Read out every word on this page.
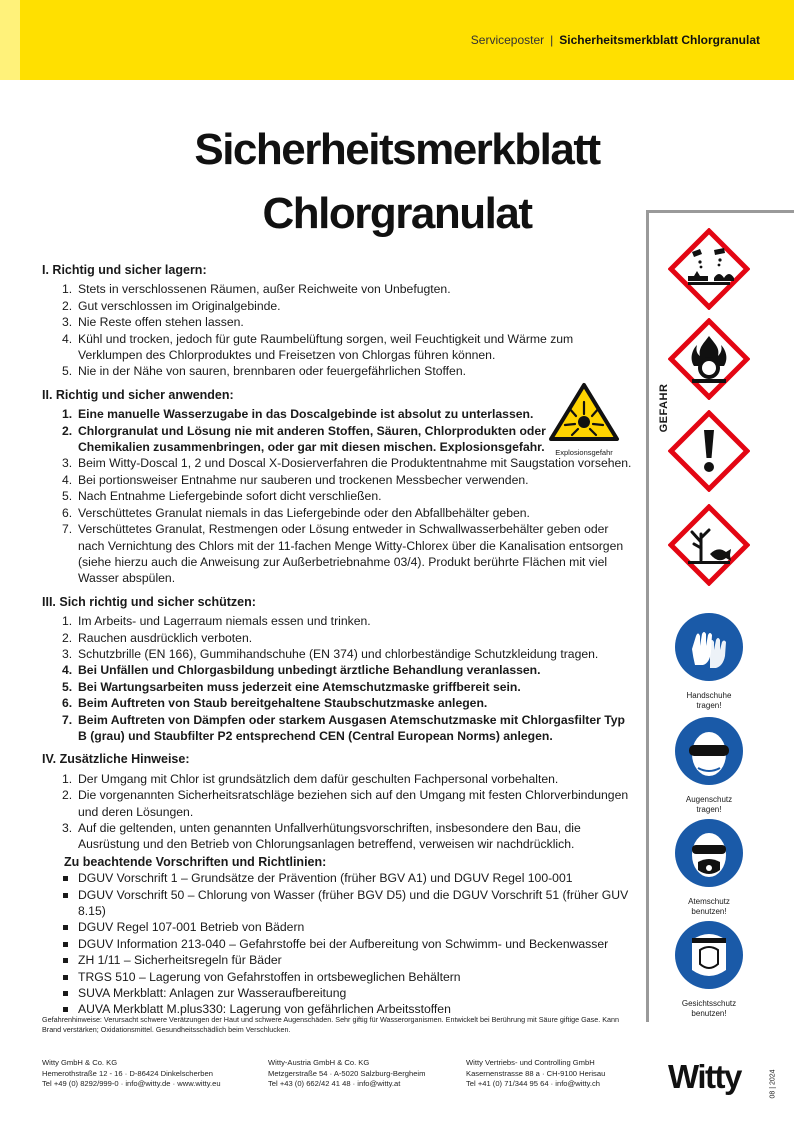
Serviceposter | Sicherheitsmerkblatt Chlorgranulat
Sicherheitsmerkblatt
Chlorgranulat
I. Richtig und sicher lagern:
1. Stets in verschlossenen Räumen, außer Reichweite von Unbefugten.
2. Gut verschlossen im Originalgebinde.
3. Nie Reste offen stehen lassen.
4. Kühl und trocken, jedoch für gute Raumbelüftung sorgen, weil Feuchtigkeit und Wärme zum Verklumpen des Chlorproduktes und Freisetzen von Chlorgas führen können.
5. Nie in der Nähe von sauren, brennbaren oder feuergefährlichen Stoffen.
II. Richtig und sicher anwenden:
1. Eine manuelle Wasserzugabe in das Doscalgebinde ist absolut zu unterlassen.
2. Chlorgranulat und Lösung nie mit anderen Stoffen, Säuren, Chlorprodukten oder Chemikalien zusammenbringen, oder gar mit diesen mischen. Explosionsgefahr.
3. Beim Witty-Doscal 1, 2 und Doscal X-Dosierverfahren die Produktentnahme mit Saugstation vorsehen.
4. Bei portionsweiser Entnahme nur sauberen und trockenen Messbecher verwenden.
5. Nach Entnahme Liefergebinde sofort dicht verschließen.
6. Verschüttetes Granulat niemals in das Liefergebinde oder den Abfallbehälter geben.
7. Verschüttetes Granulat, Restmengen oder Lösung entweder in Schwallwasserbehälter geben oder nach Vernichtung des Chlors mit der 11-fachen Menge Witty-Chlorex über die Kanalisation entsorgen (siehe hierzu auch die Anweisung zur Außerbetriebnahme 03/4). Produkt berührte Flächen mit viel Wasser abspülen.
III. Sich richtig und sicher schützen:
1. Im Arbeits- und Lagerraum niemals essen und trinken.
2. Rauchen ausdrücklich verboten.
3. Schutzbrille (EN 166), Gummihandschuhe (EN 374) und chlorbeständige Schutzkleidung tragen.
4. Bei Unfällen und Chlorgasbildung unbedingt ärztliche Behandlung veranlassen.
5. Bei Wartungsarbeiten muss jederzeit eine Atemschutzmaske griffbereit sein.
6. Beim Auftreten von Staub bereitgehaltene Staubschutzmaske anlegen.
7. Beim Auftreten von Dämpfen oder starkem Ausgasen Atemschutzmaske mit Chlorgasfilter Typ B (grau) und Staubfilter P2 entsprechend CEN (Central European Norms) anlegen.
IV. Zusätzliche Hinweise:
1. Der Umgang mit Chlor ist grundsätzlich dem dafür geschulten Fachpersonal vorbehalten.
2. Die vorgenannten Sicherheitsratschläge beziehen sich auf den Umgang mit festen Chlorverbindungen und deren Lösungen.
3. Auf die geltenden, unten genannten Unfallverhütungsvorschriften, insbesondere den Bau, die Ausrüstung und den Betrieb von Chlorungsanlagen betreffend, verweisen wir nachdrücklich.
Zu beachtende Vorschriften und Richtlinien:
DGUV Vorschrift 1 – Grundsätze der Prävention (früher BGV A1) und DGUV Regel 100-001
DGUV Vorschrift 50 – Chlorung von Wasser (früher BGV D5) und die DGUV Vorschrift 51 (früher GUV 8.15)
DGUV Regel 107-001 Betrieb von Bädern
DGUV Information 213-040 – Gefahrstoffe bei der Aufbereitung von Schwimm- und Beckenwasser
ZH 1/11 – Sicherheitsregeln für Bäder
TRGS 510 – Lagerung von Gefahrstoffen in ortsbeweglichen Behältern
SUVA Merkblatt: Anlagen zur Wasseraufbereitung
AUVA Merkblatt M.plus330: Lagerung von gefährlichen Arbeitsstoffen
Explosionsgefahr
GEFAHR
Handschuhe
tragen!
Augenschutz
tragen!
Atemschutz
benutzen!
Gesichtsschutz
benutzen!
Gefahrenhinweise: Verursacht schwere Verätzungen der Haut und schwere Augenschäden. Sehr giftig für Wasserorganismen. Entwickelt bei Berührung mit Säure giftige Gase. Kann Brand verstärken; Oxidationsmittel. Gesundheitsschädlich beim Verschlucken.
Witty GmbH & Co. KG
Hemerothstraße 12 - 16 · D-86424 Dinkelscherben
Tel +49 (0) 8292/999-0 · info@witty.de · www.witty.eu
Witty-Austria GmbH & Co. KG
Metzgerstraße 54 · A-5020 Salzburg-Bergheim
Tel +43 (0) 662/42 41 48 · info@witty.at
Witty Vertriebs- und Controlling GmbH
Kasernenstrasse 88 a · CH-9100 Herisau
Tel +41 (0) 71/344 95 64 · info@witty.ch Witty	08 | 2024
